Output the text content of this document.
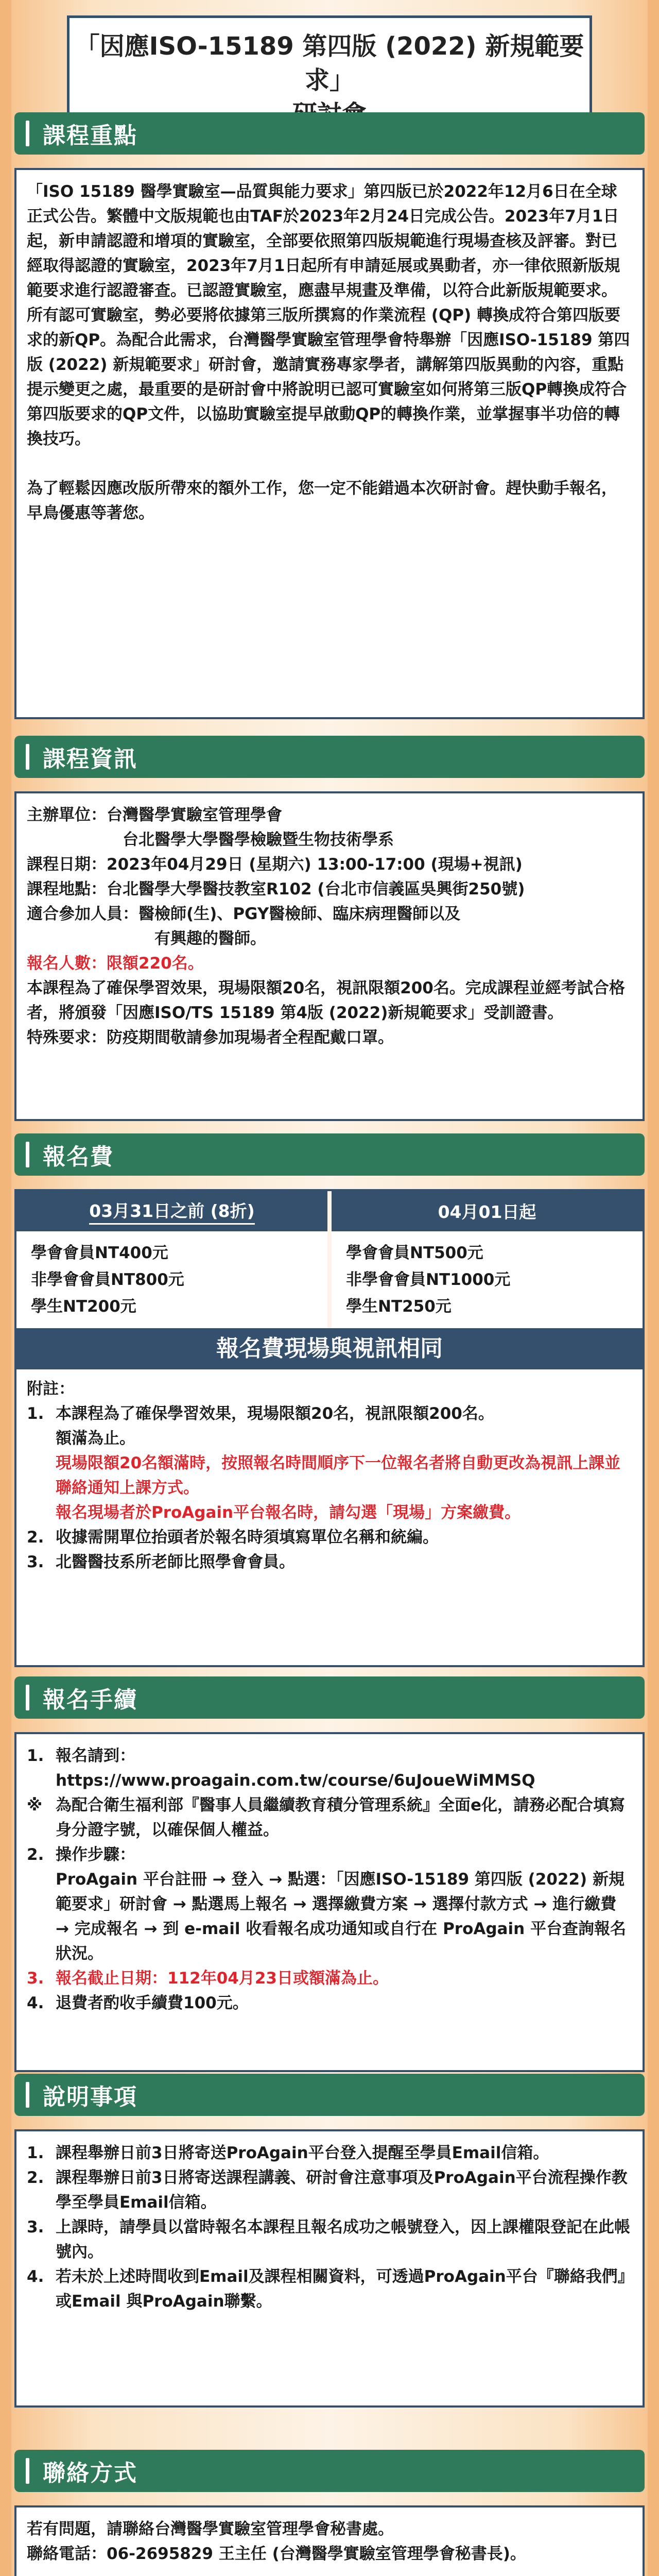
「因應ISO-15189 第四版 (2022) 新規範要求」
課程重點

「ISO 15189 醫學實驗室—品質與能力要求」第四版已於2022年12月6日在全球正式公告。繁體中文版規範也由TAF於2023年2月24日完成公告。2023年7月1日起，新申請認證和增項的實驗室，全部要依照第四版規範進行現場查核及評審。對已經取得認證的實驗室，2023年7月1日起所有申請延展或異動者，亦一律依照新版規範要求進行認證審查。已認證實驗室，應盡早規畫及準備，以符合此新版規範要求。所有認可實驗室，勢必要將依據第三版所撰寫的作業流程 (QP) 轉換成符合第四版要求的新QP。為配合此需求，台灣醫學實驗室管理學會特舉辦「因應ISO-15189 第四版 (2022) 新規範要求」研討會，邀請實務專家學者，講解第四版異動的內容，重點提示變更之處，最重要的是研討會中將說明已認可實驗室如何將第三版QP轉換成符合第四版要求的QP文件，以協助實驗室提早啟動QP的轉換作業，並掌握事半功倍的轉換技巧。

為了輕鬆因應改版所帶來的額外工作，您一定不能錯過本次研討會。趕快動手報名，早鳥優惠等著您。

課程資訊
主辦單位： 台灣醫學實驗室管理學會
台北醫學大學醫學檢驗暨生物技術學系
課程日期： 2023年04月29日 (星期六) 13:00-17:00 (現場+視訊)
課程地點： 台北醫學大學醫技教室R102 (台北市信義區吳興街250號)
適合參加人員： 醫檢師(生)、PGY醫檢師、臨床病理醫師以及
有興趣的醫師。
報名人數：限額220名。
本課程為了確保學習效果，現場限額20名，視訊限額200名。完成課程並經考試合格者，將頒發「因應ISO/TS 15189 第4版 (2022)新規範要求」受訓證書。
特殊要求：防疫期間敬請參加現場者全程配戴口罩。
報名費
03月31日之前 (8折)
學會會員NT400元
非學會會員NT800元
學生NT200元
04月01日起
學會會員NT500元
非學會會員NT1000元
學生NT250元
報名費現場與視訊相同
附註：
1. 本課程為了確保學習效果，現場限額20名，視訊限額200名。
額滿為止。
現場限額20名額滿時，按照報名時間順序下一位報名者將自動更改為視訊上課並聯絡通知上課方式。
報名現場者於ProAgain平台報名時，請勾選「現場」方案繳費。
2. 收據需開單位抬頭者於報名時須填寫單位名稱和統編。
3. 北醫醫技系所老師比照學會會員。
報名手續
1. 報名請到：
https://www.proagain.com.tw/course/6uJoueWiMMSQ
※ 為配合衛生福利部『醫事人員繼續教育積分管理系統』全面e化，請務必配合填寫身分證字號，以確保個人權益。
2. 操作步驟：
ProAgain 平台註冊 → 登入 → 點選：「因應ISO-15189 第四版 (2022) 新規範要求」研討會 → 點選馬上報名 → 選擇繳費方案 → 選擇付款方式 → 進行繳費 → 完成報名 → 到 e-mail 收看報名成功通知或自行在 ProAgain 平台查詢報名狀況。
3. 報名截止日期：112年04月23日或額滿為止。
4. 退費者酌收手續費100元。
說明事項
1. 課程舉辦日前3日將寄送ProAgain平台登入提醒至學員Email信箱。
2. 課程舉辦日前3日將寄送課程講義、研討會注意事項及ProAgain平台流程操作教學至學員Email信箱。
3. 上課時，請學員以當時報名本課程且報名成功之帳號登入，因上課權限登記在此帳號內。
4. 若未於上述時間收到Email及課程相關資料，可透過ProAgain平台『聯絡我們』或Email 與ProAgain聯繫。
聯絡方式
若有問題，請聯絡台灣醫學實驗室管理學會秘書處。
聯絡電話：06-2695829 王主任 (台灣醫學實驗室管理學會秘書長)。
